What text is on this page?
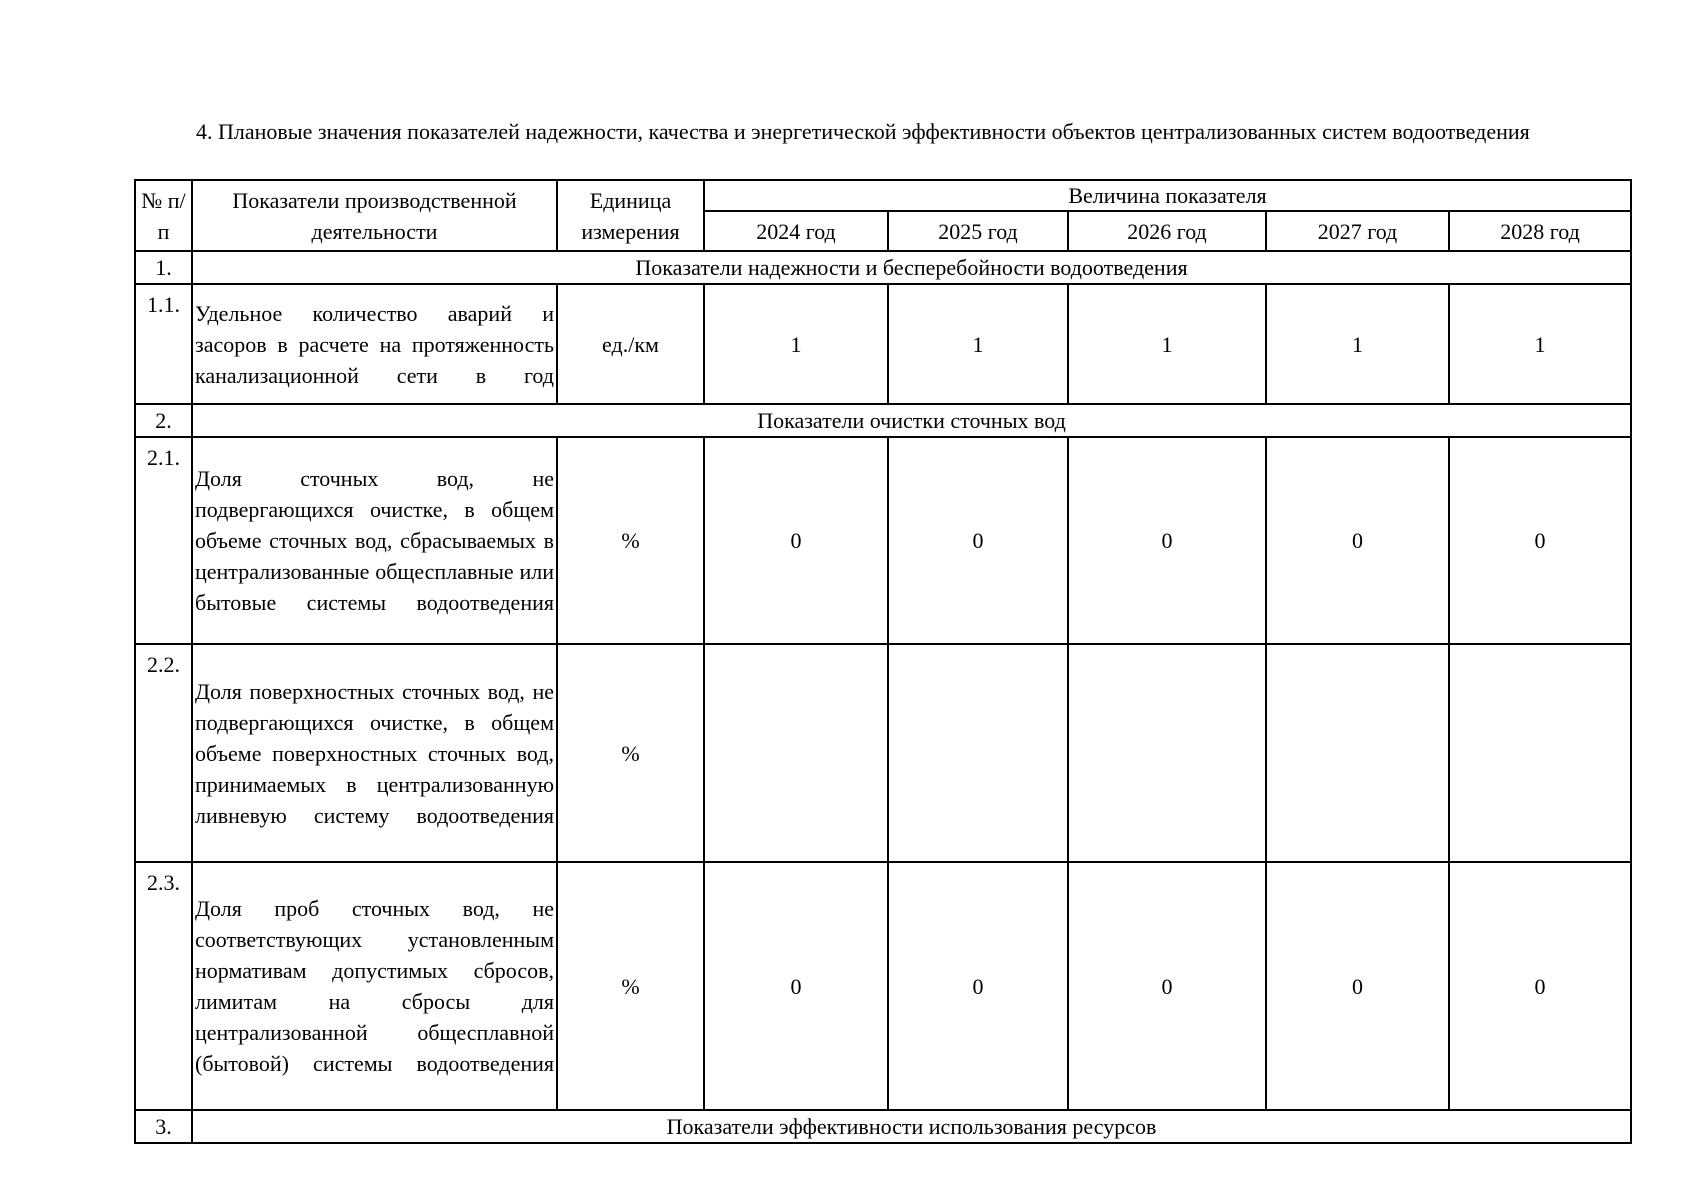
4. Плановые значения показателей надежности, качества и энергетической эффективности объектов централизованных систем водоотведения

№ п/п	Показатели производственной деятельности	Единица измерения	Величина показателя				
			2024 год	2025 год	2026 год	2027 год	2028 год
1.	Показатели надежности и бесперебойности водоотведения						
1.1.	Удельное количество аварий и засоров в расчете на протяженность канализационной сети в год	ед./км	1	1	1	1	1
2.	Показатели очистки сточных вод						
2.1.	Доля сточных вод, не подвергающихся очистке, в общем объеме сточных вод, сбрасываемых в централизованные общесплавные или бытовые системы водоотведения	%	0	0	0	0	0
2.2.	Доля поверхностных сточных вод, не подвергающихся очистке, в общем объеме поверхностных сточных вод, принимаемых в централизованную ливневую систему водоотведения	%					
2.3.	Доля проб сточных вод, не соответствующих установленным нормативам допустимых сбросов, лимитам на сбросы для централизованной общесплавной (бытовой) системы водоотведения	%	0	0	0	0	0
3.	Показатели эффективности использования ресурсов						
